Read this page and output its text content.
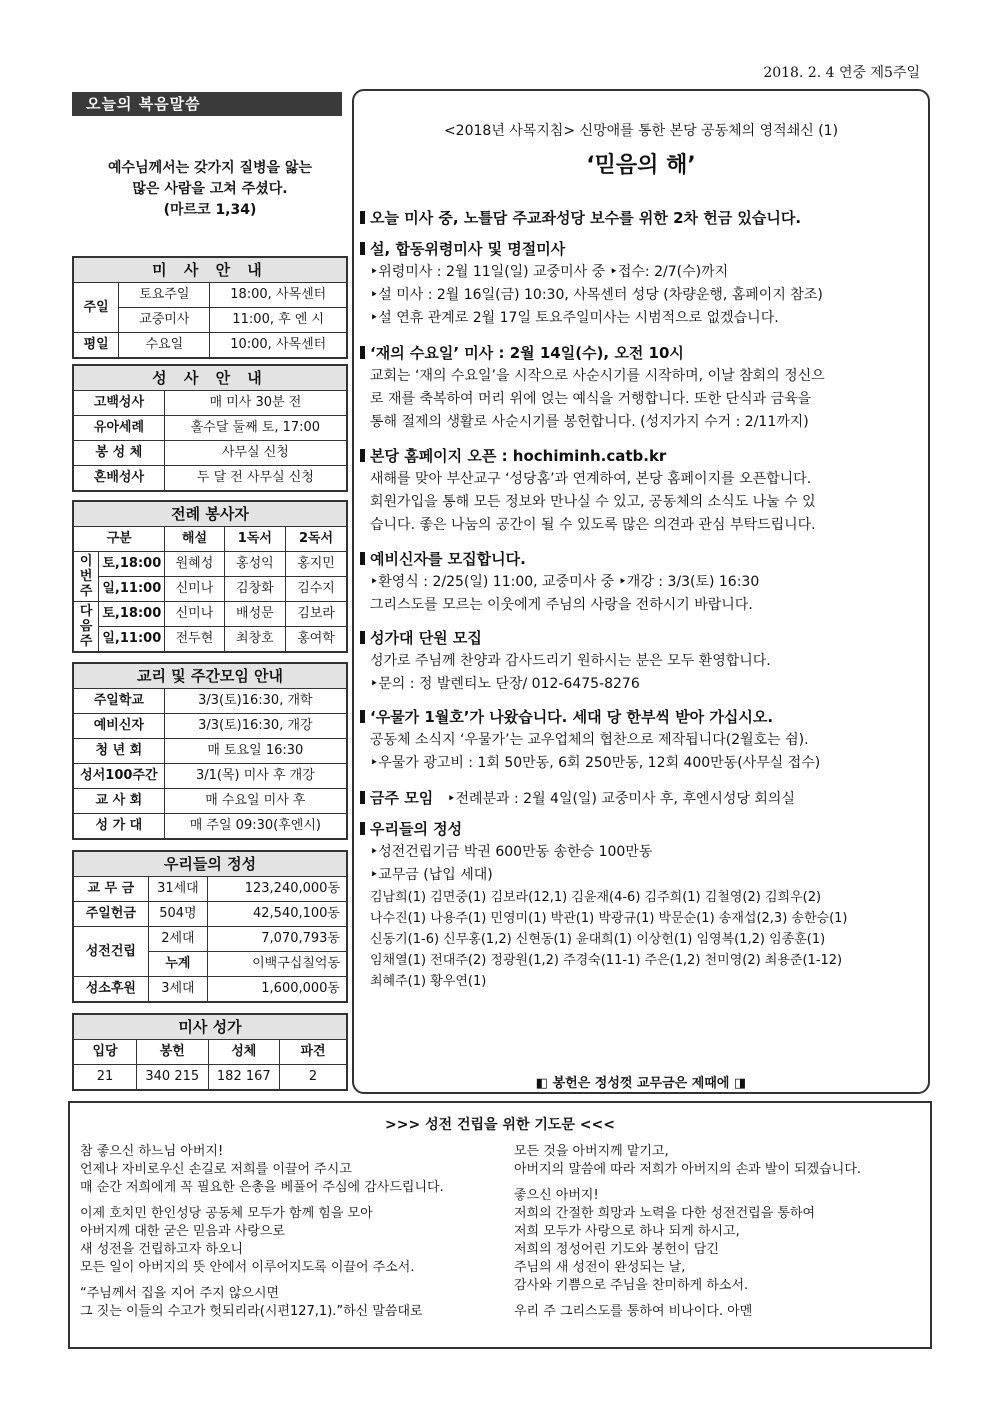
2018. 2. 4 연중 제5주일
오늘의 복음말씀
예수님께서는 갖가지 질병을 앓는
많은 사람을 고쳐 주셨다.
(마르코 1,34)
미 사 안 내		
주일	토요주일	18:00, 사목센터
	교중미사	11:00, 후 엔 시
평일	수요일	10:00, 사목센터
성 사 안 내	
고백성사	매 미사 30분 전
유아세례	홀수달 둘째 토, 17:00
봉 성 체	사무실 신청
혼배성사	두 달 전 사무실 신청
전례 봉사자				
구분		해설	1독서	2독서
이번주	토,18:00	원혜성	홍성익	홍지민
	일,11:00	신미나	김창화	김수지
다음주	토,18:00	신미나	배성문	김보라
	일,11:00	전두현	최창호	홍여학
교리 및 주간모임 안내	
주일학교	3/3(토)16:30, 개학
예비신자	3/3(토)16:30, 개강
청 년 회	매 토요일 16:30
성서100주간	3/1(목) 미사 후 개강
교 사 회	매 수요일 미사 후
성 가 대	매 주일 09:30(후엔시)
우리들의 정성		
교 무 금	31세대	123,240,000동
주일헌금	504명	42,540,100동
성전건립	2세대	7,070,793동
	누계	이백구십칠억동
성소후원	3세대	1,600,000동
미사 성가			
입당	봉헌	성체	파견
21	340 215	182 167	2
<2018년 사목지침> 신망애를 통한 본당 공동체의 영적쇄신 (1)
‘믿음의 해’
오늘 미사 중, 노틀담 주교좌성당 보수를 위한 2차 헌금 있습니다.
설, 합동위령미사 및 명절미사
‣위령미사 : 2월 11일(일) 교중미사 중 ‣접수: 2/7(수)까지
‣설 미사 : 2월 16일(금) 10:30, 사목센터 성당 (차량운행, 홈페이지 참조)
‣설 연휴 관계로 2월 17일 토요주일미사는 시범적으로 없겠습니다.
‘재의 수요일’ 미사 : 2월 14일(수), 오전 10시
교회는 ‘재의 수요일’을 시작으로 사순시기를 시작하며, 이날 참회의 정신으
로 재를 축복하여 머리 위에 얹는 예식을 거행합니다. 또한 단식과 금육을
통해 절제의 생활로 사순시기를 봉헌합니다. (성지가지 수거 : 2/11까지)
본당 홈페이지 오픈 : hochiminh.catb.kr
새해를 맞아 부산교구 ‘성당홈’과 연계하여, 본당 홈페이지를 오픈합니다.
회원가입을 통해 모든 정보와 만나실 수 있고, 공동체의 소식도 나눌 수 있
습니다. 좋은 나눔의 공간이 될 수 있도록 많은 의견과 관심 부탁드립니다.
예비신자를 모집합니다.
‣환영식 : 2/25(일) 11:00, 교중미사 중 ‣개강 : 3/3(토) 16:30
그리스도를 모르는 이웃에게 주님의 사랑을 전하시기 바랍니다.
성가대 단원 모집
성가로 주님께 찬양과 감사드리기 원하시는 분은 모두 환영합니다.
‣문의 : 정 발렌티노 단장/ 012-6475-8276
‘우물가 1월호’가 나왔습니다. 세대 당 한부씩 받아 가십시오.
공동체 소식지 ‘우물가’는 교우업체의 협찬으로 제작됩니다(2월호는 쉼).
‣우물가 광고비 : 1회 50만동, 6회 250만동, 12회 400만동(사무실 접수)
금주 모임 ‣전례분과 : 2월 4일(일) 교중미사 후, 후엔시성당 회의실
우리들의 정성
‣성전건립기금 박권 600만동 송한승 100만동
‣교무금 (납입 세대)
김남희(1) 김면중(1) 김보라(12,1) 김윤재(4-6) 김주희(1) 김철영(2) 김희우(2)
나수진(1) 나용주(1) 민영미(1) 박관(1) 박광규(1) 박문순(1) 송재섭(2,3) 송한승(1)
신동기(1-6) 신무홍(1,2) 신현동(1) 윤대희(1) 이상헌(1) 임영복(1,2) 임종훈(1)
임채열(1) 전대주(2) 정광원(1,2) 주경숙(11-1) 주은(1,2) 천미영(2) 최용준(1-12)
최혜주(1) 황우연(1)
◧ 봉헌은 정성껏 교무금은 제때에 ◨
>>> 성전 건립을 위한 기도문 <<<

참 좋으신 하느님 아버지!
언제나 자비로우신 손길로 저희를 이끌어 주시고
매 순간 저희에게 꼭 필요한 은총을 베풀어 주심에 감사드립니다.

이제 호치민 한인성당 공동체 모두가 함께 힘을 모아
아버지께 대한 굳은 믿음과 사랑으로
새 성전을 건립하고자 하오니
모든 일이 아버지의 뜻 안에서 이루어지도록 이끌어 주소서.

“주님께서 집을 지어 주지 않으시면
그 짓는 이들의 수고가 헛되리라(시편127,1).”하신 말씀대로

모든 것을 아버지께 맡기고,
아버지의 말씀에 따라 저희가 아버지의 손과 발이 되겠습니다.

좋으신 아버지!
저희의 간절한 희망과 노력을 다한 성전건립을 통하여
저희 모두가 사랑으로 하나 되게 하시고,
저희의 정성어린 기도와 봉헌이 담긴
주님의 새 성전이 완성되는 날,
감사와 기쁨으로 주님을 찬미하게 하소서.

우리 주 그리스도를 통하여 비나이다. 아멘
